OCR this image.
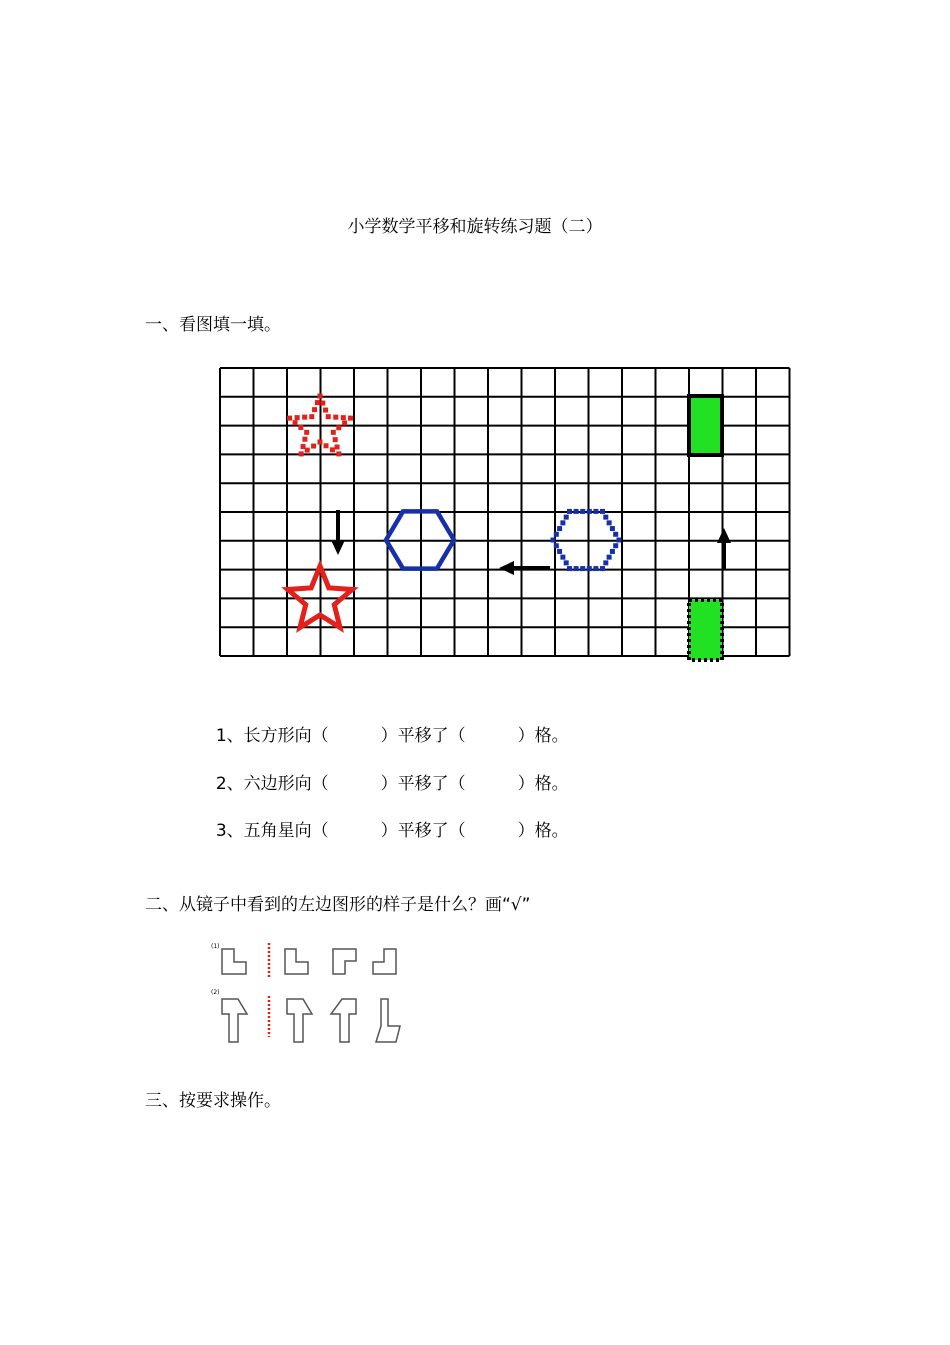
小学数学平移和旋转练习题（二）
一、看图填一填。

1、长方形向（	）平移了（	）格。

2、六边形向（	）平移了（	）格。

3、五角星向（	）平移了（	）格。

二、从镜子中看到的左边图形的样子是什么？画“√”
(1)
(2)
三、按要求操作。
